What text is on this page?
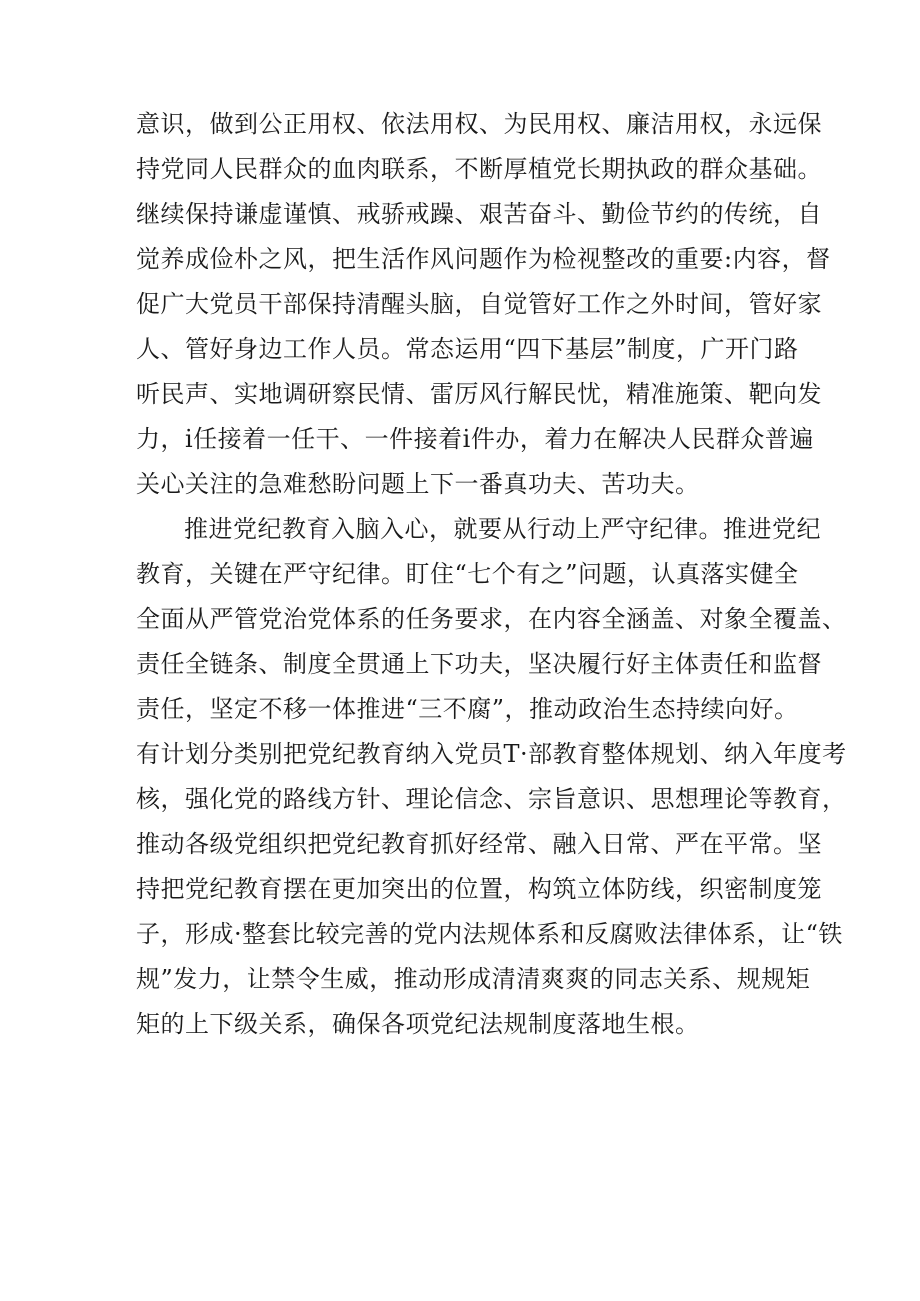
意识，做到公正用权、依法用权、为民用权、廉洁用权，永远保
持党同人民群众的血肉联系，不断厚植党长期执政的群众基础。
继续保持谦虚谨慎、戒骄戒躁、艰苦奋斗、勤俭节约的传统，自
觉养成俭朴之风，把生活作风问题作为检视整改的重要:内容，督
促广大党员干部保持清醒头脑，自觉管好工作之外时间，管好家
人、管好身边工作人员。常态运用“四下基层”制度，广开门路
听民声、实地调研察民情、雷厉风行解民忧，精准施策、靶向发
力，i任接着一任干、一件接着i件办，着力在解决人民群众普遍
关心关注的急难愁盼问题上下一番真功夫、苦功夫。
推进党纪教育入脑入心，就要从行动上严守纪律。推进党纪
教育，关键在严守纪律。盯住“七个有之”问题，认真落实健全
全面从严管党治党体系的任务要求，在内容全涵盖、对象全覆盖、
责任全链条、制度全贯通上下功夫，坚决履行好主体责任和监督
责任，坚定不移一体推进“三不腐”，推动政治生态持续向好。
有计划分类别把党纪教育纳入党员T·部教育整体规划、纳入年度考
核，强化党的路线方针、理论信念、宗旨意识、思想理论等教育，
推动各级党组织把党纪教育抓好经常、融入日常、严在平常。坚
持把党纪教育摆在更加突出的位置，构筑立体防线，织密制度笼
子，形成·整套比较完善的党内法规体系和反腐败法律体系，让“铁
规”发力，让禁令生威，推动形成清清爽爽的同志关系、规规矩
矩的上下级关系，确保各项党纪法规制度落地生根。
